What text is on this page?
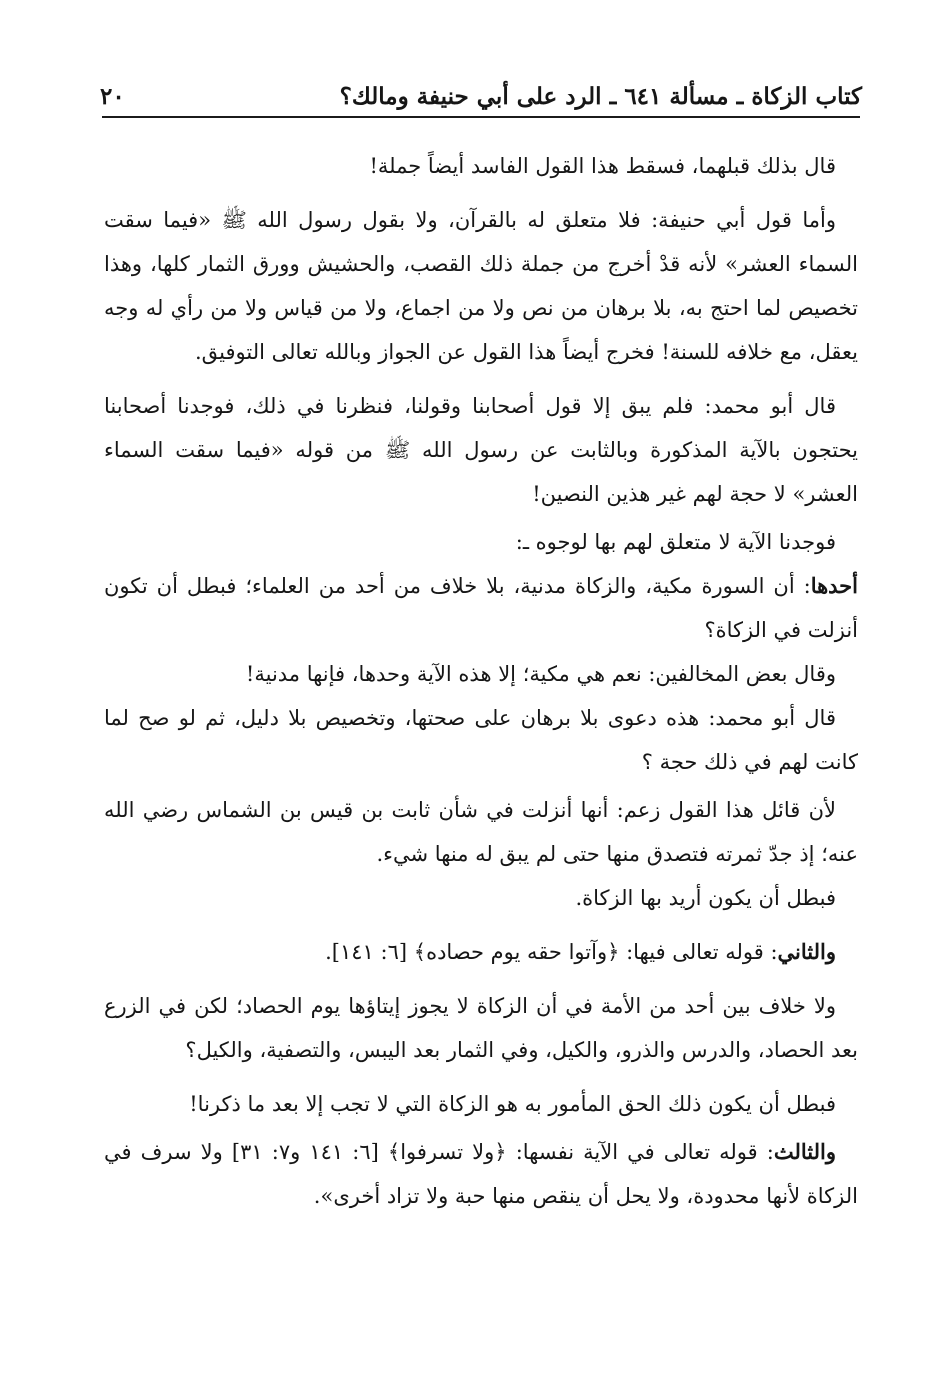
كتاب الزكاة ـ مسألة ٦٤١ ـ الرد على أبي حنيفة ومالك؟
٢٠

قال بذلك قبلهما، فسقط هذا القول الفاسد أيضاً جملة!

وأما قول أبي حنيفة: فلا متعلق له بالقرآن، ولا بقول رسول الله ﷺ «فيما سقت السماء العشر» لأنه قدْ أخرج من جملة ذلك القصب، والحشيش وورق الثمار كلها، وهذا تخصيص لما احتج به، بلا برهان من نص ولا من اجماع، ولا من قياس ولا من رأي له وجه يعقل، مع خلافه للسنة! فخرج أيضاً هذا القول عن الجواز وبالله تعالى التوفيق.

قال أبو محمد: فلم يبق إلا قول أصحابنا وقولنا، فنظرنا في ذلك، فوجدنا أصحابنا يحتجون بالآية المذكورة وبالثابت عن رسول الله ﷺ من قوله «فيما سقت السماء العشر» لا حجة لهم غير هذين النصين!

فوجدنا الآية لا متعلق لهم بها لوجوه ـ:

أحدها: أن السورة مكية، والزكاة مدنية، بلا خلاف من أحد من العلماء؛ فبطل أن تكون أنزلت في الزكاة؟

وقال بعض المخالفين: نعم هي مكية؛ إلا هذه الآية وحدها، فإنها مدنية!

قال أبو محمد: هذه دعوى بلا برهان على صحتها، وتخصيص بلا دليل، ثم لو صح لما كانت لهم في ذلك حجة ؟

لأن قائل هذا القول زعم: أنها أنزلت في شأن ثابت بن قيس بن الشماس رضي الله عنه؛ إذ جدّ ثمرته فتصدق منها حتى لم يبق له منها شيء.

فبطل أن يكون أريد بها الزكاة.

والثاني: قوله تعالى فيها: ﴿وآتوا حقه يوم حصاده﴾ [٦: ١٤١].

ولا خلاف بين أحد من الأمة في أن الزكاة لا يجوز إيتاؤها يوم الحصاد؛ لكن في الزرع بعد الحصاد، والدرس والذرو، والكيل، وفي الثمار بعد اليبس، والتصفية، والكيل؟

فبطل أن يكون ذلك الحق المأمور به هو الزكاة التي لا تجب إلا بعد ما ذكرنا!

والثالث: قوله تعالى في الآية نفسها: ﴿ولا تسرفوا﴾ [٦: ١٤١ و٧: ٣١] ولا سرف في الزكاة لأنها محدودة، ولا يحل أن ينقص منها حبة ولا تزاد أخرى».
